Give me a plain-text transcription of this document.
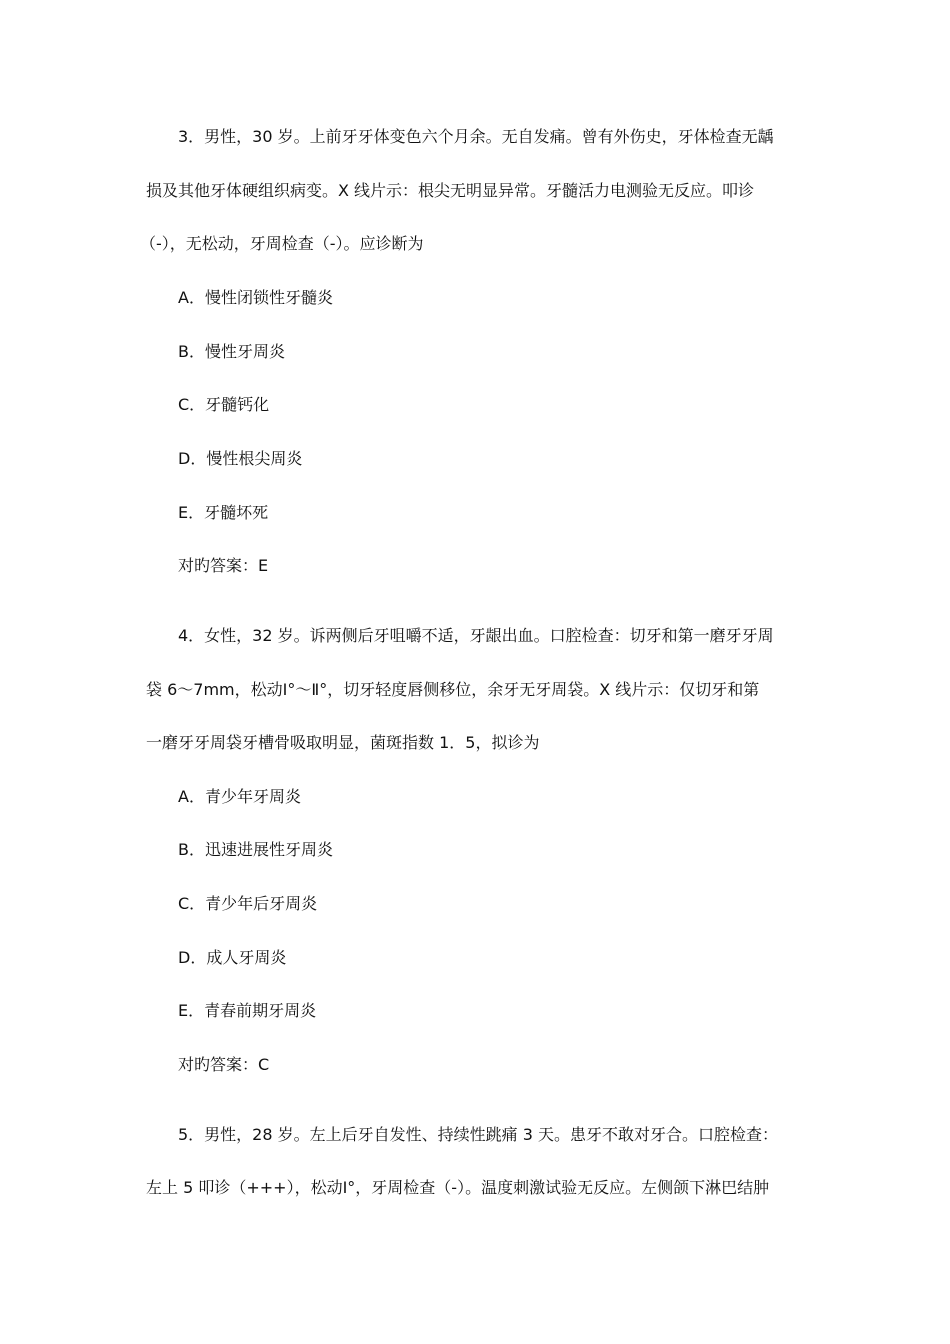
3．男性，30 岁。上前牙牙体变色六个月余。无自发痛。曾有外伤史，牙体检查无龋
损及其他牙体硬组织病变。X 线片示：根尖无明显异常。牙髓活力电测验无反应。叩诊
（-），无松动，牙周检查（-）。应诊断为
A．慢性闭锁性牙髓炎
B．慢性牙周炎
C．牙髓钙化
D．慢性根尖周炎
E．牙髓坏死
对旳答案：E
4．女性，32 岁。诉两侧后牙咀嚼不适，牙龈出血。口腔检查：切牙和第一磨牙牙周
袋 6～7mm，松动Ⅰ°～Ⅱ°，切牙轻度唇侧移位，余牙无牙周袋。X 线片示：仅切牙和第
一磨牙牙周袋牙槽骨吸取明显，菌斑指数 1．5，拟诊为
A．青少年牙周炎
B．迅速进展性牙周炎
C．青少年后牙周炎
D．成人牙周炎
E．青春前期牙周炎
对旳答案：C
5．男性，28 岁。左上后牙自发性、持续性跳痛 3 天。患牙不敢对牙合。口腔检查：
左上 5 叩诊（+++），松动Ⅰ°，牙周检查（-）。温度刺激试验无反应。左侧颌下淋巴结肿
